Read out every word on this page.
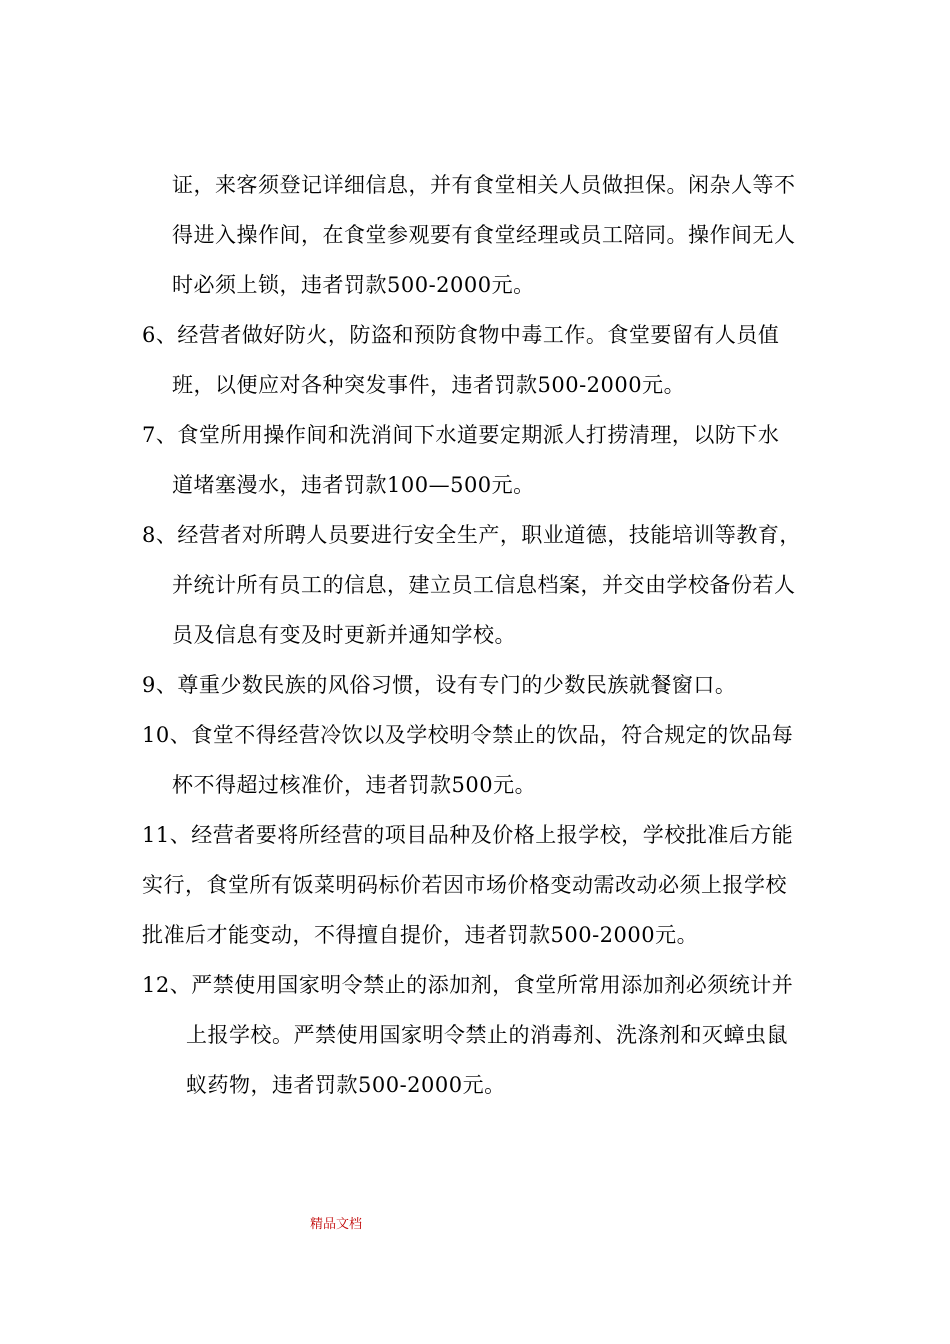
证，来客须登记详细信息，并有食堂相关人员做担保。闲杂人等不
得进入操作间，在食堂参观要有食堂经理或员工陪同。操作间无人
时必须上锁，违者罚款500-2000元。
6、经营者做好防火，防盗和预防食物中毒工作。食堂要留有人员值
班，以便应对各种突发事件，违者罚款500-2000元。
7、食堂所用操作间和洗消间下水道要定期派人打捞清理，以防下水
道堵塞漫水，违者罚款100—500元。
8、经营者对所聘人员要进行安全生产，职业道德，技能培训等教育，
并统计所有员工的信息，建立员工信息档案，并交由学校备份若人
员及信息有变及时更新并通知学校。
9、尊重少数民族的风俗习惯，设有专门的少数民族就餐窗口。
10、食堂不得经营冷饮以及学校明令禁止的饮品，符合规定的饮品每
杯不得超过核准价，违者罚款500元。
11、经营者要将所经营的项目品种及价格上报学校，学校批准后方能
实行，食堂所有饭菜明码标价若因市场价格变动需改动必须上报学校
批准后才能变动，不得擅自提价，违者罚款500-2000元。
12、严禁使用国家明令禁止的添加剂，食堂所常用添加剂必须统计并
上报学校。严禁使用国家明令禁止的消毒剂、洗涤剂和灭蟑虫鼠
蚁药物，违者罚款500-2000元。
精品文档
